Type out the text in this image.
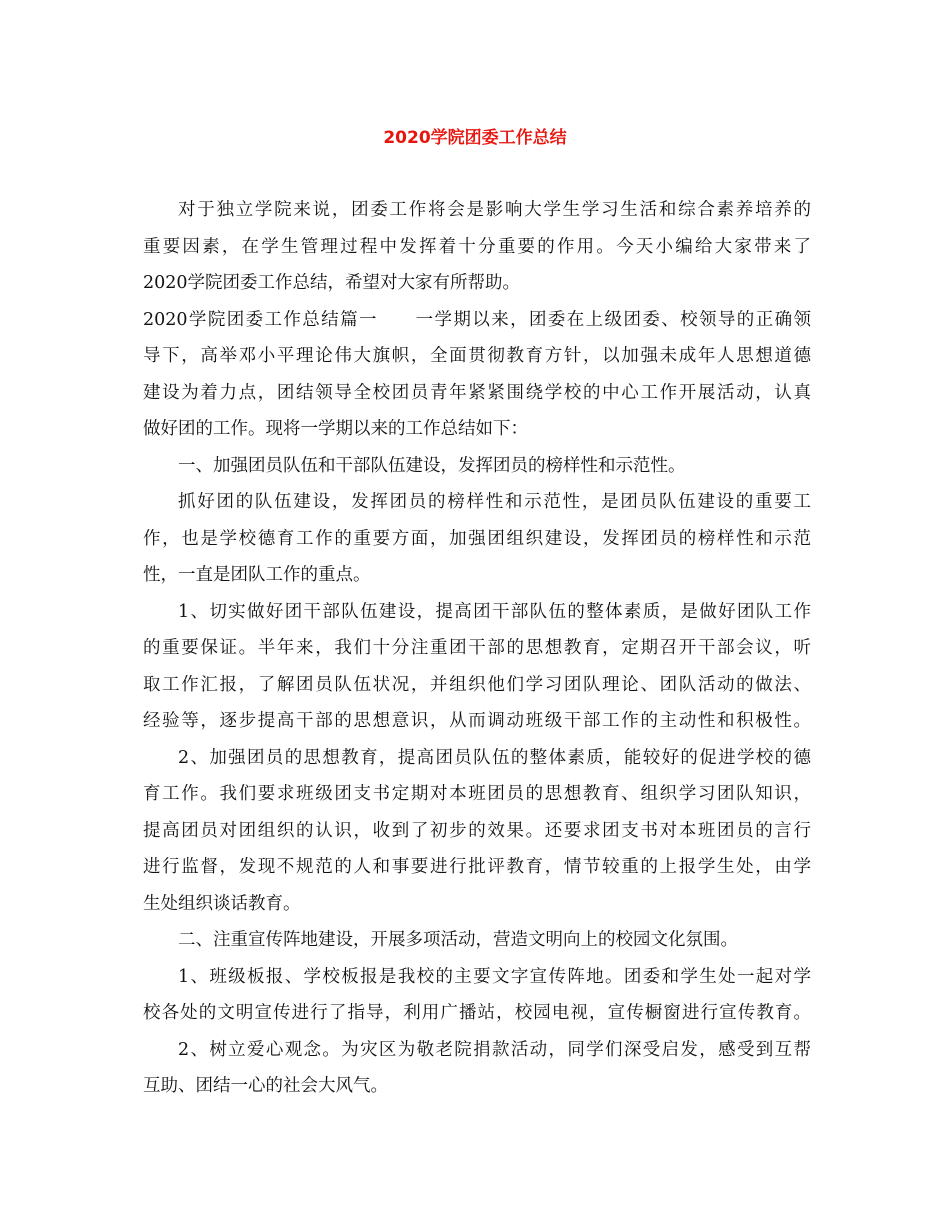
2020学院团委工作总结

对于独立学院来说，团委工作将会是影响大学生学习生活和综合素养培养的

重要因素，在学生管理过程中发挥着十分重要的作用。今天小编给大家带来了

2020学院团委工作总结，希望对大家有所帮助。

2020学院团委工作总结篇一　　一学期以来，团委在上级团委、校领导的正确领

导下，高举邓小平理论伟大旗帜，全面贯彻教育方针，以加强未成年人思想道德

建设为着力点，团结领导全校团员青年紧紧围绕学校的中心工作开展活动，认真

做好团的工作。现将一学期以来的工作总结如下：

一、加强团员队伍和干部队伍建设，发挥团员的榜样性和示范性。

抓好团的队伍建设，发挥团员的榜样性和示范性，是团员队伍建设的重要工

作，也是学校德育工作的重要方面，加强团组织建设，发挥团员的榜样性和示范

性，一直是团队工作的重点。

1、切实做好团干部队伍建设，提高团干部队伍的整体素质，是做好团队工作

的重要保证。半年来，我们十分注重团干部的思想教育，定期召开干部会议，听

取工作汇报，了解团员队伍状况，并组织他们学习团队理论、团队活动的做法、

经验等，逐步提高干部的思想意识，从而调动班级干部工作的主动性和积极性。

2、加强团员的思想教育，提高团员队伍的整体素质，能较好的促进学校的德

育工作。我们要求班级团支书定期对本班团员的思想教育、组织学习团队知识，

提高团员对团组织的认识，收到了初步的效果。还要求团支书对本班团员的言行

进行监督，发现不规范的人和事要进行批评教育，情节较重的上报学生处，由学

生处组织谈话教育。

二、注重宣传阵地建设，开展多项活动，营造文明向上的校园文化氛围。

1、班级板报、学校板报是我校的主要文字宣传阵地。团委和学生处一起对学

校各处的文明宣传进行了指导，利用广播站，校园电视，宣传橱窗进行宣传教育。

2、树立爱心观念。为灾区为敬老院捐款活动，同学们深受启发，感受到互帮

互助、团结一心的社会大风气。
